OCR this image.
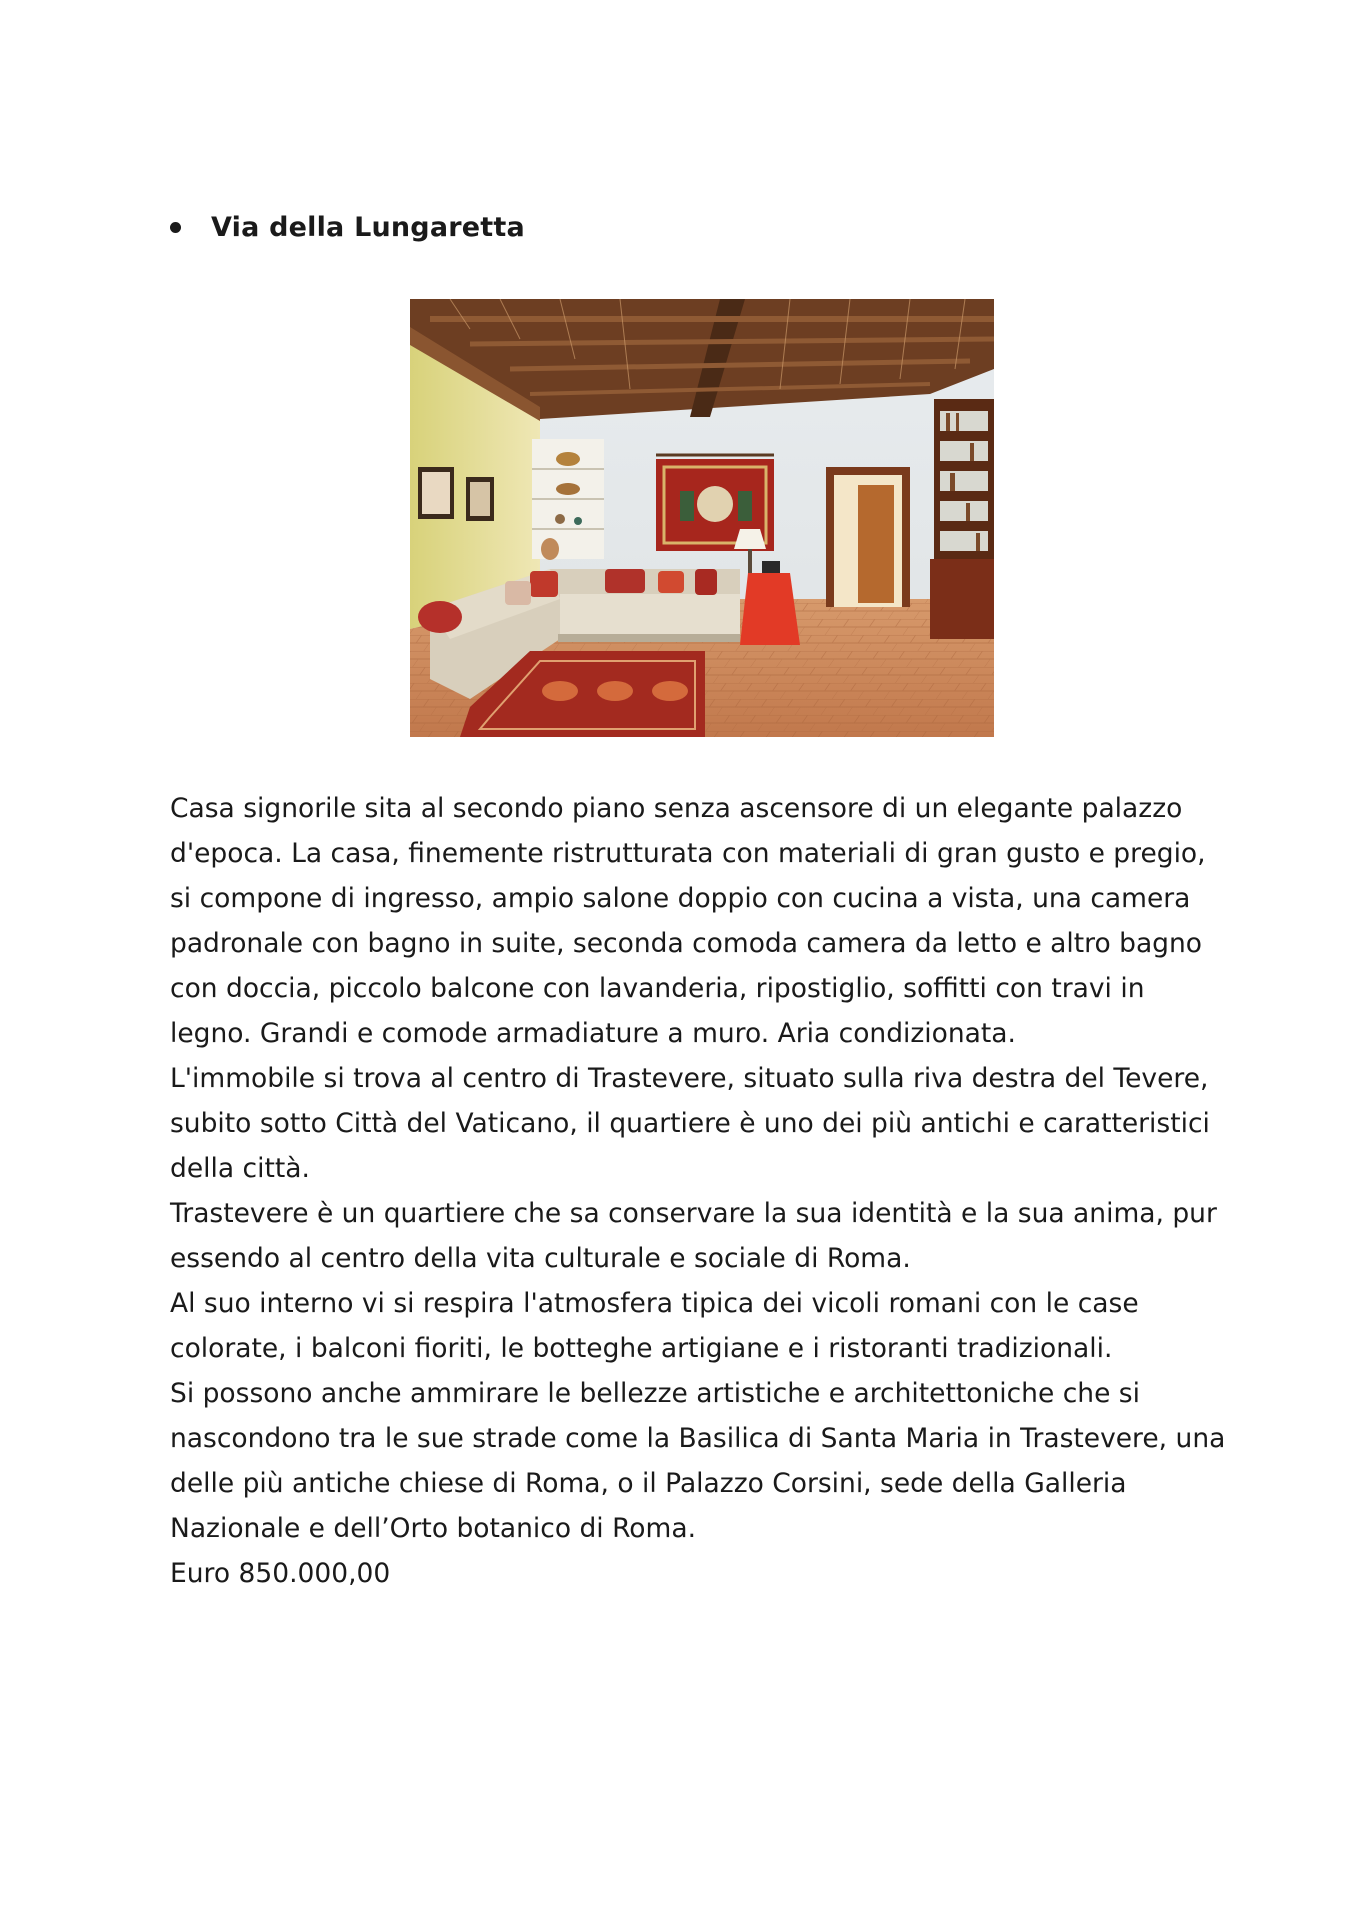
Via della Lungaretta

Casa signorile sita al secondo piano senza ascensore di un elegante palazzo d'epoca. La casa, finemente ristrutturata con materiali di gran gusto e pregio, si compone di ingresso, ampio salone doppio con cucina a vista, una camera padronale con bagno in suite, seconda comoda camera da letto e altro bagno con doccia, piccolo balcone con lavanderia, ripostiglio, soffitti con travi in legno. Grandi e comode armadiature a muro. Aria condizionata.

L'immobile si trova al centro di Trastevere, situato sulla riva destra del Tevere, subito sotto Città del Vaticano, il quartiere è uno dei più antichi e caratteristici della città.

Trastevere è un quartiere che sa conservare la sua identità e la sua anima, pur essendo al centro della vita culturale e sociale di Roma.

Al suo interno vi si respira l'atmosfera tipica dei vicoli romani con le case colorate, i balconi fioriti, le botteghe artigiane e i ristoranti tradizionali.

Si possono anche ammirare le bellezze artistiche e architettoniche che si nascondono tra le sue strade come la Basilica di Santa Maria in Trastevere, una delle più antiche chiese di Roma, o il Palazzo Corsini, sede della Galleria Nazionale e dell’Orto botanico di Roma.

Euro 850.000,00
